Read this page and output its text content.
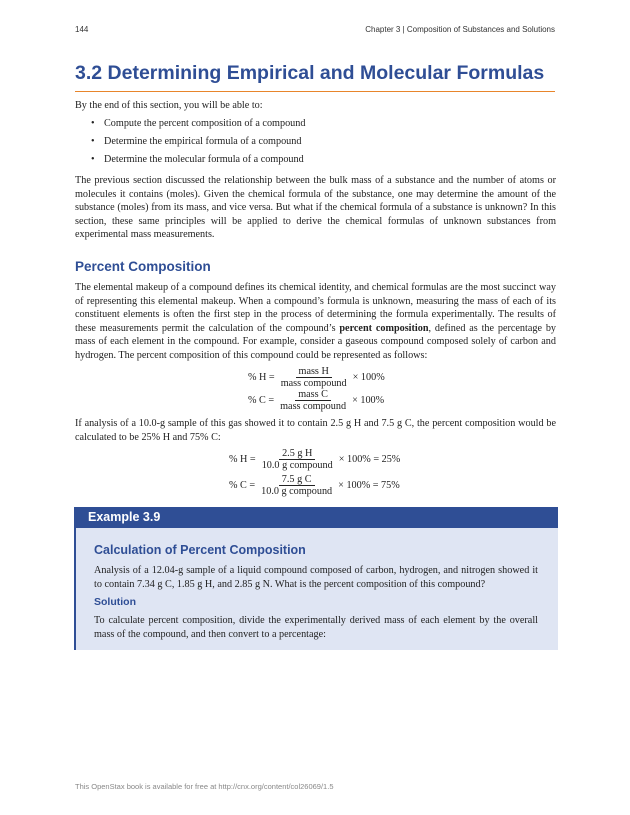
144	Chapter 3 | Composition of Substances and Solutions
3.2 Determining Empirical and Molecular Formulas

By the end of this section, you will be able to:

• Compute the percent composition of a compound
• Determine the empirical formula of a compound
• Determine the molecular formula of a compound

The previous section discussed the relationship between the bulk mass of a substance and the number of atoms or molecules it contains (moles). Given the chemical formula of the substance, one may determine the amount of the substance (moles) from its mass, and vice versa. But what if the chemical formula of a substance is unknown? In this section, these same principles will be applied to derive the chemical formulas of unknown substances from experimental mass measurements.

Percent Composition

The elemental makeup of a compound defines its chemical identity, and chemical formulas are the most succinct way of representing this elemental makeup. When a compound’s formula is unknown, measuring the mass of each of its constituent elements is often the first step in the process of determining the formula experimentally. The results of these measurements permit the calculation of the compound’s percent composition, defined as the percentage by mass of each element in the compound. For example, consider a gaseous compound composed solely of carbon and hydrogen. The percent composition of this compound could be represented as follows:

% $H = \frac{\text{mass H}}{\text{mass compound}} \times 100\%$
% $C = \frac{\text{mass C}}{\text{mass compound}} \times 100\%$

If analysis of a 10.0-g sample of this gas showed it to contain 2.5 g H and 7.5 g C, the percent composition would be calculated to be 25% H and 75% C:

% $H = \frac{\text{2.5 g H}}{\text{10.0 g compound}} \times 100\% = 25\%$
% $C = \frac{\text{7.5 g C}}{\text{10.0 g compound}} \times 100\% = 75\%$
Example 3.9
Calculation of Percent Composition

Analysis of a 12.04-g sample of a liquid compound composed of carbon, hydrogen, and nitrogen showed it to contain 7.34 g C, 1.85 g H, and 2.85 g N. What is the percent composition of this compound?

Solution

To calculate percent composition, divide the experimentally derived mass of each element by the overall mass of the compound, and then convert to a percentage:

This OpenStax book is available for free at http://cnx.org/content/col26069/1.5
